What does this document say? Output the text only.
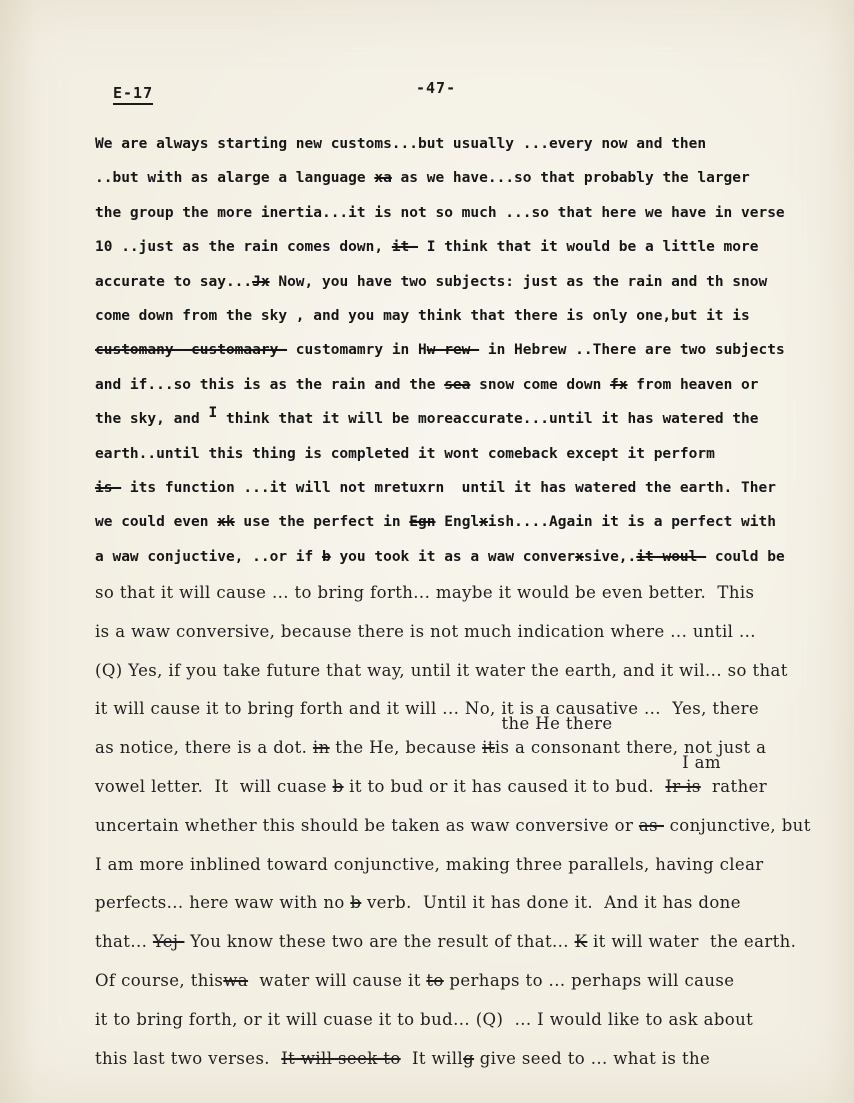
E-17	-47-
We are always starting new customs...but usually ...every now and then
..but with as alarge a language xa as we have...so that probably the larger
the group the more inertia...it is not so much ...so that here we have in verse
10 ..just as the rain comes down, it- I think that it would be a little more
accurate to say...Jx Now, you have two subjects: just as the rain and th snow
come down from the sky , and you may think that there is only one,but it is
customany- customaary- customamry in Hw-rew- in Hebrew ..There are two subjects
and if...so this is as the rain and the sea snow come down fx from heaven or
the sky, and I think that it will be moreaccurate...until it has watered the
earth..until this thing is completed it wont comeback except it perform
is- its function ...it will not mretuxrn  until it has watered the earth. Ther
we could even xk use the perfect in Egn Englxish....Again it is a perfect with
a waw conjuctive, ..or if b you took it as a waw converxsive,.it woul- could be
so that it will cause ... to bring forth... maybe it would be even better.  This
is a waw conversive, because there is not much indication where ... until ...
(Q) Yes, if you take future that way, until it water the earth, and it wil... so that
it will cause it to bring forth and it will ... No, it is a causative ...  Yes, there
the He there
as notice, there is a dot. in the He, because itis a consonant there, not just a
I am
vowel letter.  It  will cuase b it to bud or it has caused it to bud.  Ir is  rather
uncertain whether this should be taken as waw conversive or as- conjunctive, but
I am more inblined toward conjunctive, making three parallels, having clear
perfects... here waw with no b verb.  Until it has done it.  And it has done
that... Yej- You know these two are the result of that... K it will water  the earth.
Of course, thiswa  water will cause it to perhaps to ... perhaps will cause
it to bring forth, or it will cuase it to bud... (Q)  ... I would like to ask about
this last two verses.  It will seek to  It willg give seed to ... what is the
